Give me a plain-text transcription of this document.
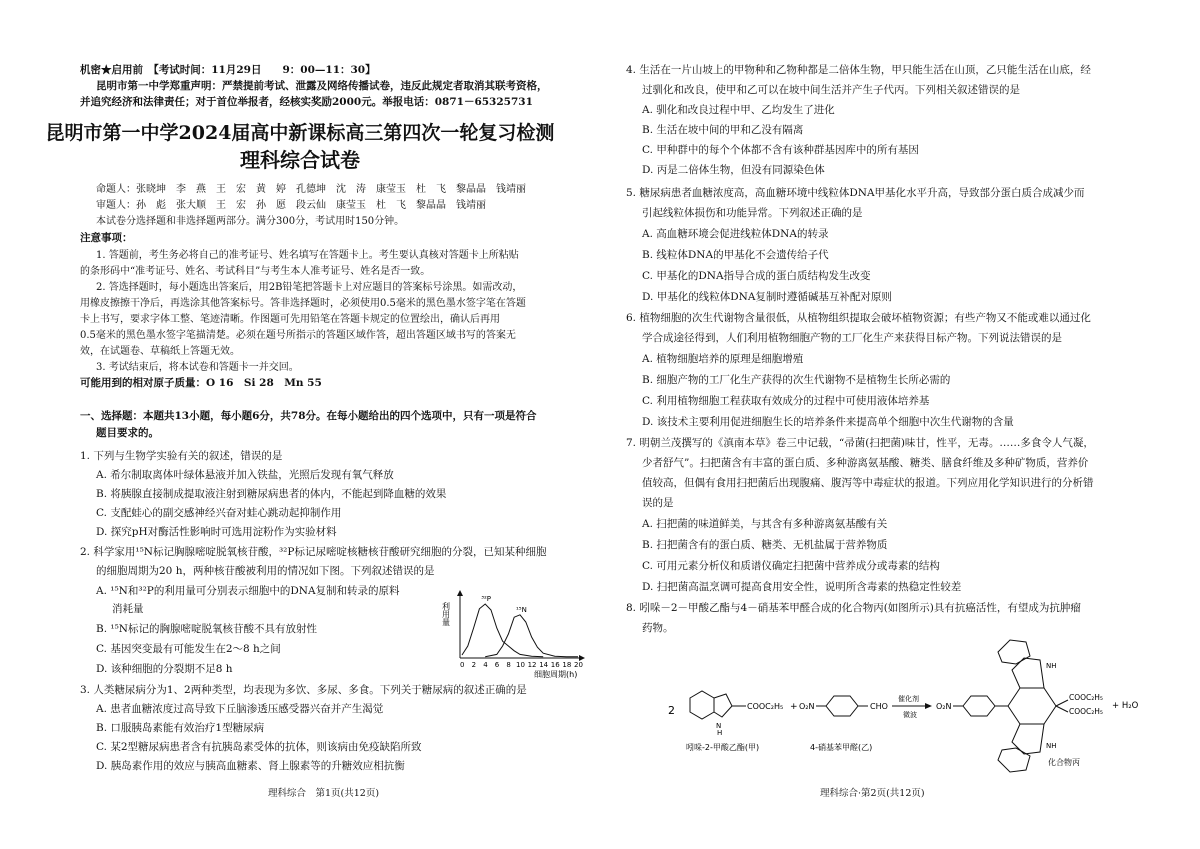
机密★启用前　【考试时间：11月29日　　9：00—11：30】
昆明市第一中学郑重声明：严禁提前考试、泄露及网络传播试卷，违反此规定者取消其联考资格，
并追究经济和法律责任；对于首位举报者，经核实奖励2000元。举报电话：0871－65325731
昆明市第一中学2024届高中新课标高三第四次一轮复习检测
理科综合试卷
命题人：张晓坤　李　燕　王　宏　黄　婷　孔德坤　沈　涛　康莹玉　杜　飞　黎晶晶　钱靖丽
审题人：孙　彪　张大顺　王　宏　孙　愿　段云仙　康莹玉　杜　飞　黎晶晶　钱靖丽
本试卷分选择题和非选择题两部分。满分300分，考试用时150分钟。
注意事项：
1. 答题前，考生务必将自己的准考证号、姓名填写在答题卡上。考生要认真核对答题卡上所粘贴
的条形码中“准考证号、姓名、考试科目”与考生本人准考证号、姓名是否一致。
2. 答选择题时，每小题选出答案后，用2B铅笔把答题卡上对应题目的答案标号涂黑。如需改动，
用橡皮擦擦干净后，再选涂其他答案标号。答非选择题时，必须使用0.5毫米的黑色墨水签字笔在答题
卡上书写，要求字体工整、笔迹清晰。作图题可先用铅笔在答题卡规定的位置绘出，确认后再用
0.5毫米的黑色墨水签字笔描清楚。必须在题号所指示的答题区域作答，超出答题区域书写的答案无
效，在试题卷、草稿纸上答题无效。
3. 考试结束后，将本试卷和答题卡一并交回。
可能用到的相对原子质量：O 16　Si 28　Mn 55
一、选择题：本题共13小题，每小题6分，共78分。在每小题给出的四个选项中，只有一项是符合
题目要求的。
1. 下列与生物学实验有关的叙述，错误的是
A. 希尔制取离体叶绿体悬液并加入铁盐，光照后发现有氧气释放
B. 将胰腺直接制成提取液注射到糖尿病患者的体内，不能起到降血糖的效果
C. 支配蛙心的副交感神经兴奋对蛙心跳动起抑制作用
D. 探究pH对酶活性影响时可选用淀粉作为实验材料
2. 科学家用¹⁵N标记胸腺嘧啶脱氧核苷酸，³²P标记尿嘧啶核糖核苷酸研究细胞的分裂，已知某种细胞
的细胞周期为20 h，两种核苷酸被利用的情况如下图。下列叙述错误的是
A. ¹⁵N和³²P的利用量可分别表示细胞中的DNA复制和转录的原料
消耗量
B. ¹⁵N标记的胸腺嘧啶脱氧核苷酸不具有放射性
C. 基因突变最有可能发生在2～8 h之间
D. 该种细胞的分裂期不足8 h
利用量
0 2 4 6 8 10 12 14 16 18 20
细胞周期(h)
³²P
¹⁵N
3. 人类糖尿病分为1、2两种类型，均表现为多饮、多尿、多食。下列关于糖尿病的叙述正确的是
A. 患者血糖浓度过高导致下丘脑渗透压感受器兴奋并产生渴觉
B. 口服胰岛素能有效治疗1型糖尿病
C. 某2型糖尿病患者含有抗胰岛素受体的抗体，则该病由免疫缺陷所致
D. 胰岛素作用的效应与胰高血糖素、肾上腺素等的升糖效应相抗衡
理科综合　第1页(共12页)
4. 生活在一片山坡上的甲物种和乙物种都是二倍体生物，甲只能生活在山顶，乙只能生活在山底，经
过驯化和改良，使甲和乙可以在坡中间生活并产生子代丙。下列相关叙述错误的是
A. 驯化和改良过程中甲、乙均发生了进化
B. 生活在坡中间的甲和乙没有隔离
C. 甲种群中的每个个体都不含有该种群基因库中的所有基因
D. 丙是二倍体生物，但没有同源染色体
5. 糖尿病患者血糖浓度高，高血糖环境中线粒体DNA甲基化水平升高，导致部分蛋白质合成减少而
引起线粒体损伤和功能异常。下列叙述正确的是
A. 高血糖环境会促进线粒体DNA的转录
B. 线粒体DNA的甲基化不会遗传给子代
C. 甲基化的DNA指导合成的蛋白质结构发生改变
D. 甲基化的线粒体DNA复制时遵循碱基互补配对原则
6. 植物细胞的次生代谢物含量很低，从植物组织提取会破坏植物资源；有些产物又不能或难以通过化
学合成途径得到，人们利用植物细胞产物的工厂化生产来获得目标产物。下列说法错误的是
A. 植物细胞培养的原理是细胞增殖
B. 细胞产物的工厂化生产获得的次生代谢物不是植物生长所必需的
C. 利用植物细胞工程获取有效成分的过程中可使用液体培养基
D. 该技术主要利用促进细胞生长的培养条件来提高单个细胞中次生代谢物的含量
7. 明朝兰茂撰写的《滇南本草》卷三中记载，“帚菌(扫把菌)味甘，性平，无毒。……多食令人气凝，
少者舒气”。扫把菌含有丰富的蛋白质、多种游离氨基酸、糖类、膳食纤维及多种矿物质，营养价
值较高，但偶有食用扫把菌后出现腹痛、腹泻等中毒症状的报道。下列应用化学知识进行的分析错
误的是
A. 扫把菌的味道鲜美，与其含有多种游离氨基酸有关
B. 扫把菌含有的蛋白质、糖类、无机盐属于营养物质
C. 可用元素分析仪和质谱仪确定扫把菌中营养成分或毒素的结构
D. 扫把菌高温烹调可提高食用安全性，说明所含毒素的热稳定性较差
8. 吲哚－2－甲酸乙酯与4－硝基苯甲醛合成的化合物丙(如图所示)具有抗癌活性，有望成为抗肿瘤
药物。
2
N
H
COOC₂H₅ + O₂N	CHO
催化剂
微波
O₂N
NH
NH
COOC₂H₅
COOC₂H₅
+ H₂O
吲哚-2-甲酸乙酯(甲)	4-硝基苯甲醛(乙)
化合物丙
理科综合·第2页(共12页)
